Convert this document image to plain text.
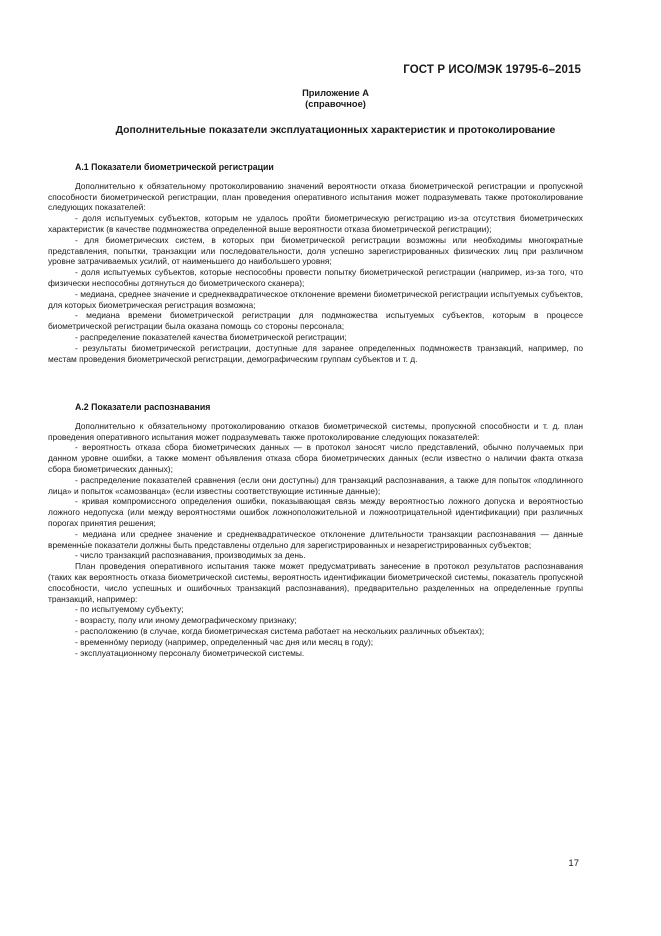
ГОСТ Р ИСО/МЭК 19795-6–2015
Приложение А
(справочное)
Дополнительные показатели эксплуатационных характеристик и протоколирование
А.1 Показатели биометрической регистрации

Дополнительно к обязательному протоколированию значений вероятности отказа биометрической регистрации и пропускной способности биометрической регистрации, план проведения оперативного испытания может подразумевать также протоколирование следующих показателей:

- доля испытуемых субъектов, которым не удалось пройти биометрическую регистрацию из-за отсутствия биометрических характеристик (в качестве подмножества определенной выше вероятности отказа биометрической регистрации);

- для биометрических систем, в которых при биометрической регистрации возможны или необходимы многократные представления, попытки, транзакции или последовательности, доля успешно зарегистрированных физических лиц при различном уровне затрачиваемых усилий, от наименьшего до наибольшего уровня;

- доля испытуемых субъектов, которые неспособны провести попытку биометрической регистрации (например, из-за того, что физически неспособны дотянуться до биометрического сканера);

- медиана, среднее значение и среднеквадратическое отклонение времени биометрической регистрации испытуемых субъектов, для которых биометрическая регистрация возможна;

- медиана времени биометрической регистрации для подмножества испытуемых субъектов, которым в процессе биометрической регистрации была оказана помощь со стороны персонала;

- распределение показателей качества биометрической регистрации;

- результаты биометрической регистрации, доступные для заранее определенных подмножеств транзакций, например, по местам проведения биометрической регистрации, демографическим группам субъектов и т. д.

А.2 Показатели распознавания

Дополнительно к обязательному протоколированию отказов биометрической системы, пропускной способности и т. д. план проведения оперативного испытания может подразумевать также протоколирование следующих показателей:

- вероятность отказа сбора биометрических данных — в протокол заносят число представлений, обычно получаемых при данном уровне ошибки, а также момент объявления отказа сбора биометрических данных (если известно о наличии факта отказа сбора биометрических данных);

- распределение показателей сравнения (если они доступны) для транзакций распознавания, а также для попыток «подлинного лица» и попыток «самозванца» (если известны соответствующие истинные данные);

- кривая компромиссного определения ошибки, показывающая связь между вероятностью ложного допуска и вероятностью ложного недопуска (или между вероятностями ошибок ложноположительной и ложноотрицательной идентификации) при различных порогах принятия решения;

- медиана или среднее значение и среднеквадратическое отклонение длительности транзакции распознавания — данные временны́е показатели должны быть представлены отдельно для зарегистрированных и незарегистрированных субъектов;

- число транзакций распознавания, производимых за день.

План проведения оперативного испытания также может предусматривать занесение в протокол результатов распознавания (таких как вероятность отказа биометрической системы, вероятность идентификации биометрической системы, показатель пропускной способности, число успешных и ошибочных транзакций распознавания), предварительно разделенных на определенные группы транзакций, например:

- по испытуемому субъекту;

- возрасту, полу или иному демографическому признаку;

- расположению (в случае, когда биометрическая система работает на нескольких различных объектах);

- временнóму периоду (например, определенный час дня или месяц в году);

- эксплуатационному персоналу биометрической системы.

17
